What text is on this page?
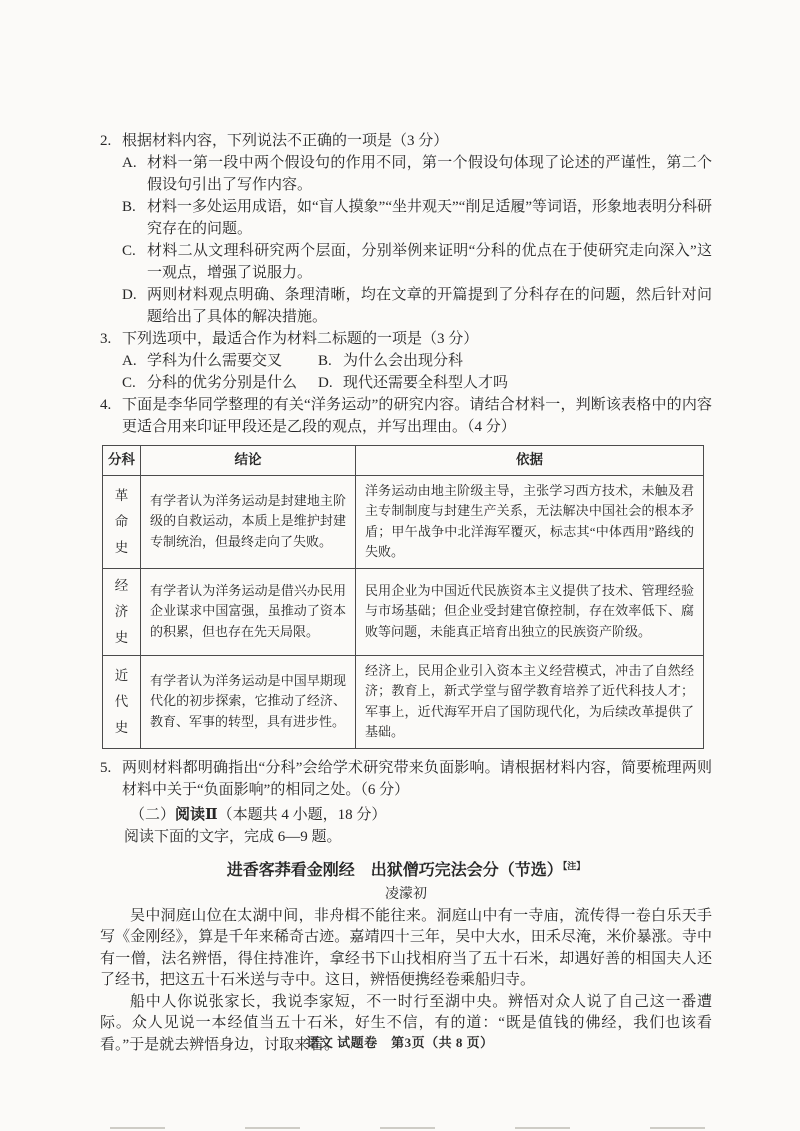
2. 根据材料内容，下列说法不正确的一项是（3 分）
A. 材料一第一段中两个假设句的作用不同，第一个假设句体现了论述的严谨性，第二个假设句引出了写作内容。
B. 材料一多处运用成语，如“盲人摸象”“坐井观天”“削足适履”等词语，形象地表明分科研究存在的问题。
C. 材料二从文理科研究两个层面，分别举例来证明“分科的优点在于使研究走向深入”这一观点，增强了说服力。
D. 两则材料观点明确、条理清晰，均在文章的开篇提到了分科存在的问题，然后针对问题给出了具体的解决措施。
3. 下列选项中，最适合作为材料二标题的一项是（3 分）
A. 学科为什么需要交叉	B. 为什么会出现分科
C. 分科的优劣分别是什么	D. 现代还需要全科型人才吗
4. 下面是李华同学整理的有关“洋务运动”的研究内容。请结合材料一，判断该表格中的内容更适合用来印证甲段还是乙段的观点，并写出理由。（4 分）
分科	结论	依据
革命史	有学者认为洋务运动是封建地主阶级的自救运动，本质上是维护封建专制统治，但最终走向了失败。	洋务运动由地主阶级主导，主张学习西方技术，未触及君主专制制度与封建生产关系，无法解决中国社会的根本矛盾；甲午战争中北洋海军覆灭，标志其“中体西用”路线的失败。
经济史	有学者认为洋务运动是借兴办民用企业谋求中国富强，虽推动了资本的积累，但也存在先天局限。	民用企业为中国近代民族资本主义提供了技术、管理经验与市场基础；但企业受封建官僚控制，存在效率低下、腐败等问题，未能真正培育出独立的民族资产阶级。
近代史	有学者认为洋务运动是中国早期现代化的初步探索，它推动了经济、教育、军事的转型，具有进步性。	经济上，民用企业引入资本主义经营模式，冲击了自然经济；教育上，新式学堂与留学教育培养了近代科技人才；军事上，近代海军开启了国防现代化，为后续改革提供了基础。
5. 两则材料都明确指出“分科”会给学术研究带来负面影响。请根据材料内容，简要梳理两则材料中关于“负面影响”的相同之处。（6 分）
（二）阅读Ⅱ（本题共 4 小题，18 分）
阅读下面的文字，完成 6—9 题。
进香客莽看金刚经　出狱僧巧完法会分（节选）$^{【注】}$
凌濛初

吴中洞庭山位在太湖中间，非舟楫不能往来。洞庭山中有一寺庙，流传得一卷白乐天手写《金刚经》，算是千年来稀奇古迹。嘉靖四十三年，吴中大水，田禾尽淹，米价暴涨。寺中有一僧，法名辨悟，得住持准许，拿经书下山找相府当了五十石米，却遇好善的相国夫人还了经书，把这五十石米送与寺中。这日，辨悟便携经卷乘船归寺。

船中人你说张家长，我说李家短，不一时行至湖中央。辨悟对众人说了自己这一番遭际。众人见说一本经值当五十石米，好生不信，有的道：“既是值钱的佛经，我们也该看看。”于是就去辨悟身边，讨取来看。

语文 试题卷　第3页（共 8 页）
